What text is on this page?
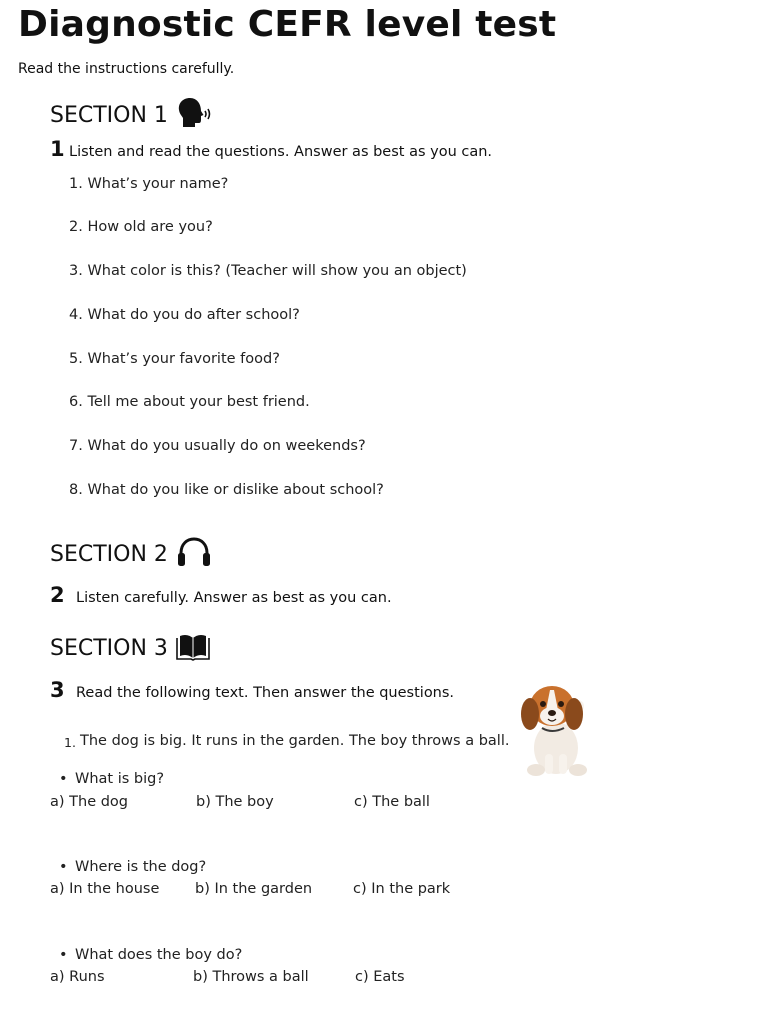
Diagnostic CEFR level test
Read the instructions carefully.
SECTION 1
1 Listen and read the questions. Answer as best as you can.
1. What’s your name?
2. How old are you?
3. What color is this? (Teacher will show you an object)
4. What do you do after school?
5. What’s your favorite food?
6. Tell me about your best friend.
7. What do you usually do on weekends?
8. What do you like or dislike about school?
SECTION 2
2 Listen carefully. Answer as best as you can.
SECTION 3
3 Read the following text. Then answer the questions.
1. The dog is big. It runs in the garden. The boy throws a ball.
• What is big?
a) The dog	b) The boy	c) The ball
• Where is the dog?
a) In the house b) In the garden	c) In the park
• What does the boy do?
a) Runs	b) Throws a ball	c) Eats
